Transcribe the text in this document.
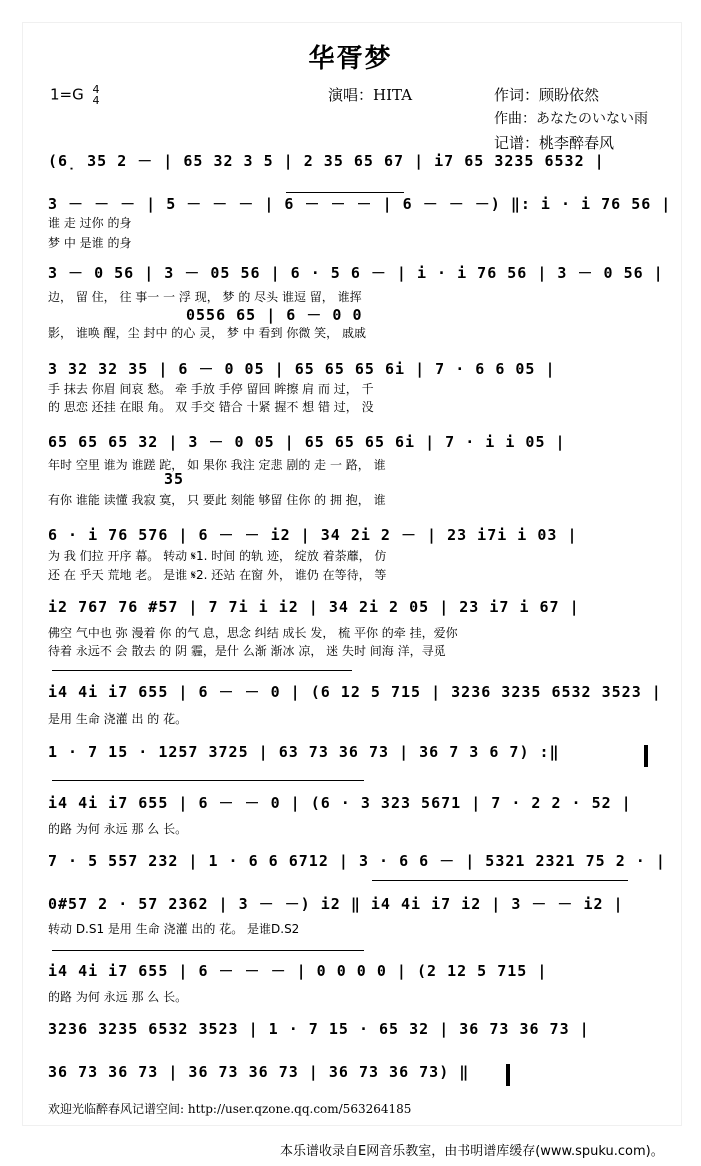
华胥梦
1=G 4
4	演唱：HITA	作词：顾盼依然
作曲：あなたのいない雨
记谱：桃李醉春风
(6̣ 35 2 － | 65 32 3 5 | 2 35 65 67 | i7 65 3235 6532 |
3 － － － | 5 － － － | 6 － － － | 6 － － －) ‖: i · i 76 56 |
谁 走 过你 的身
梦 中 是谁 的身
3 － 0 56 | 3 － 05 56 | 6 · 5 6 － | i · i 76 56 | 3 － 0 56 |
边， 留 住， 往 事一 一 浮 现， 梦 的 尽头 谁逗 留， 谁挥
影， 谁唤 醒，尘 封中 的心 灵， 梦 中 看到 你微 笑， 戚戚
0556 65 | 6 － 0 0
3 32 32 35 | 6 － 0 05 | 65 65 65 6i | 7 · 6 6 05 |
手 抹去 你眉 间哀 愁。 牵 手放 手停 留回 眸擦 肩 而 过， 千
的 思恋 还挂 在眼 角。 双 手交 错合 十紧 握不 想 错 过， 没
65 65 65 32 | 3 － 0 05 | 65 65 65 6i | 7 · i i 05 |
年时 空里 谁为 谁蹉 跎， 如 果你 我注 定悲 剧的 走 一 路， 谁
有你 谁能 读懂 我寂 寞， 只 要此 刻能 够留 住你 的 拥 抱， 谁
35
6 · i 76 576 | 6 － － i2 | 34 2i 2 － | 23 i7i i 03 |
为 我 们拉 开序 幕。 转动 𝄋1. 时间 的轨 迹， 绽放 着荼蘼， 仿
还 在 乎天 荒地 老。 是谁 𝄋2. 还站 在窗 外， 谁仍 在等待， 等
i2 767 76 #57 | 7 7i i i2 | 34 2i 2 05 | 23 i7 i 67 |
佛空 气中也 弥 漫着 你 的气 息，思念 纠结 成长 发， 梳 平你 的牵 挂，爱你
待着 永远不 会 散去 的 阴 霾，是什 么渐 渐冰 凉， 迷 失时 间海 洋，寻觅
i4 4i i7 655 | 6 － － 0 | (6 12 5 715 | 3236 3235 6532 3523 |
是用 生命 浇灌 出 的 花。
1 · 7 15 · 1257 3725 | 63 73 36 73 | 36 7 3 6 7) :‖
i4 4i i7 655 | 6 － － 0 | (6 · 3 323 5671 | 7 · 2 2 · 52 |
的路 为何 永远 那 么 长。
7 · 5 557 232 | 1 · 6 6 6712 | 3 · 6 6 － | 5321 2321 75 2 · |
0#57 2 · 57 2362 | 3 － －) i2 ‖ i4 4i i7 i2 | 3 － － i2 |
转动 D.S1 是用 生命 浇灌 出的 花。 是谁D.S2
i4 4i i7 655 | 6 － － － | 0 0 0 0 | (2 12 5 715 |
的路 为何 永远 那 么 长。
3236 3235 6532 3523 | 1 · 7 15 · 65 32 | 36 73 36 73 |
36 73 36 73 | 36 73 36 73 | 36 73 36 73) ‖
欢迎光临醉春风记谱空间: http://user.qzone.qq.com/563264185
本乐谱收录自E网音乐教室，由书明谱库缓存(www.spuku.com)。
